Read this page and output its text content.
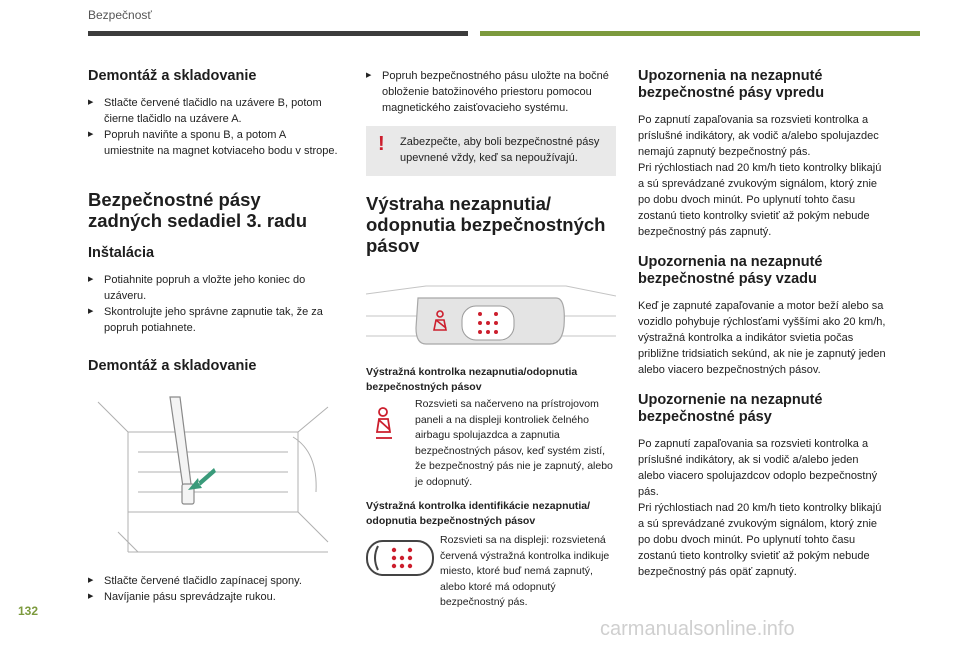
Bezpečnosť
Demontáž a skladovanie
▶ Stlačte červené tlačidlo na uzávere B, potom čierne tlačidlo na uzávere A.
▶ Popruh naviňte a sponu B, a potom A umiestnite na magnet kotviaceho bodu v strope.
Bezpečnostné pásy zadných sedadiel 3. radu
Inštalácia
▶ Potiahnite popruh a vložte jeho koniec do uzáveru.
▶ Skontrolujte jeho správne zapnutie tak, že za popruh potiahnete.
Demontáž a skladovanie
▶ Stlačte červené tlačidlo zapínacej spony.
▶ Navíjanie pásu sprevádzajte rukou.
▶ Popruh bezpečnostného pásu uložte na bočné obloženie batožinového priestoru pomocou magnetického zaisťovacieho systému.
! Zabezpečte, aby boli bezpečnostné pásy upevnené vždy, keď sa nepoužívajú.
Výstraha nezapnutia/ odopnutia bezpečnostných pásov
Výstražná kontrolka nezapnutia/odopnutia bezpečnostných pásov
Rozsvieti sa načerveno na prístrojovom paneli a na displeji kontroliek čelného airbagu spolujazdca a zapnutia bezpečnostných pásov, keď systém zistí, že bezpečnostný pás nie je zapnutý, alebo je odopnutý.
Výstražná kontrolka identifikácie nezapnutia/ odopnutia bezpečnostných pásov
Rozsvieti sa na displeji: rozsvietená červená výstražná kontrolka indikuje miesto, ktoré buď nemá zapnutý, alebo ktoré má odopnutý bezpečnostný pás.
Upozornenia na nezapnuté bezpečnostné pásy vpredu
Po zapnutí zapaľovania sa rozsvieti kontrolka a príslušné indikátory, ak vodič a/alebo spolujazdec nemajú zapnutý bezpečnostný pás.
Pri rýchlostiach nad 20 km/h tieto kontrolky blikajú a sú sprevádzané zvukovým signálom, ktorý znie po dobu dvoch minút. Po uplynutí tohto času zostanú tieto kontrolky svietiť až pokým nebude bezpečnostný pás zapnutý.
Upozornenia na nezapnuté bezpečnostné pásy vzadu
Keď je zapnuté zapaľovanie a motor beží alebo sa vozidlo pohybuje rýchlosťami vyššími ako 20 km/h, výstražná kontrolka a indikátor svietia počas približne tridsiatich sekúnd, ak nie je zapnutý jeden alebo viacero bezpečnostných pásov.
Upozornenie na nezapnuté bezpečnostné pásy
Po zapnutí zapaľovania sa rozsvieti kontrolka a príslušné indikátory, ak si vodič a/alebo jeden alebo viacero spolujazdcov odoplo bezpečnostný pás.
Pri rýchlostiach nad 20 km/h tieto kontrolky blikajú a sú sprevádzané zvukovým signálom, ktorý znie po dobu dvoch minút. Po uplynutí tohto času zostanú tieto kontrolky svietiť až pokým nebude bezpečnostný pás opäť zapnutý.
132
carmanualsonline.info
